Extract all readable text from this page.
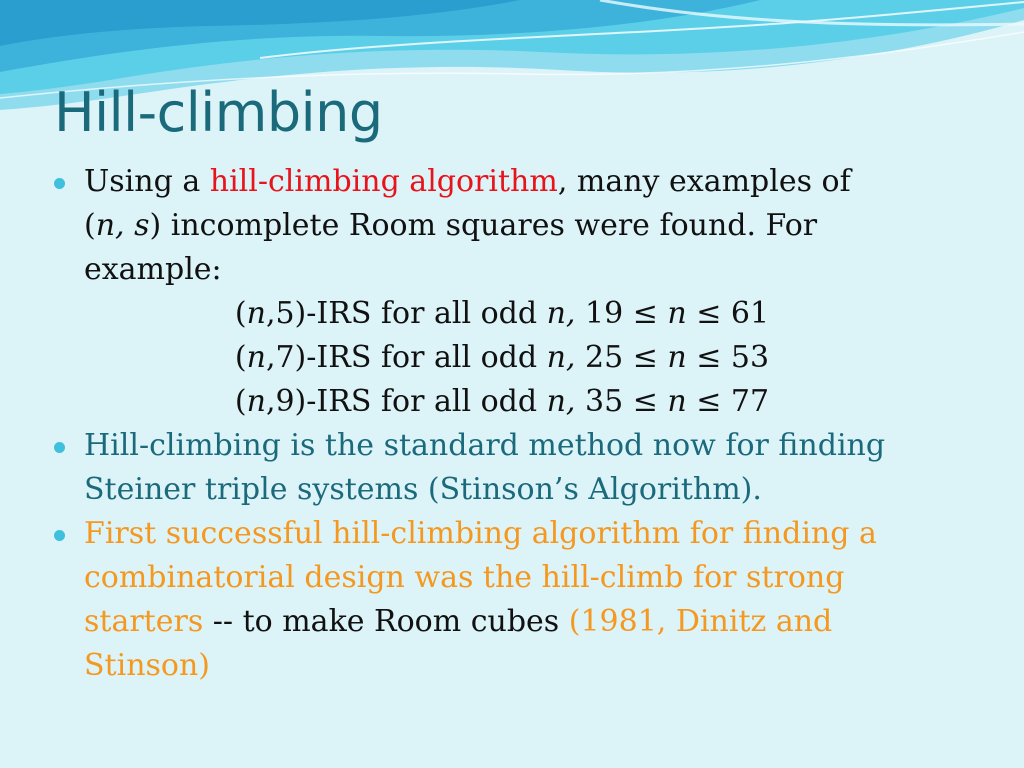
Hill-climbing
Using a hill-climbing algorithm, many examples of
(n, s) incomplete Room squares were found. For
example:
(n,5)-IRS for all odd n, 19 ≤ n ≤ 61
(n,7)-IRS for all odd n, 25 ≤ n ≤ 53
(n,9)-IRS for all odd n, 35 ≤ n ≤ 77
Hill-climbing is the standard method now for finding
Steiner triple systems (Stinson’s Algorithm).
First successful hill-climbing algorithm for finding a
combinatorial design was the hill-climb for strong
starters -- to make Room cubes (1981, Dinitz and
Stinson)
